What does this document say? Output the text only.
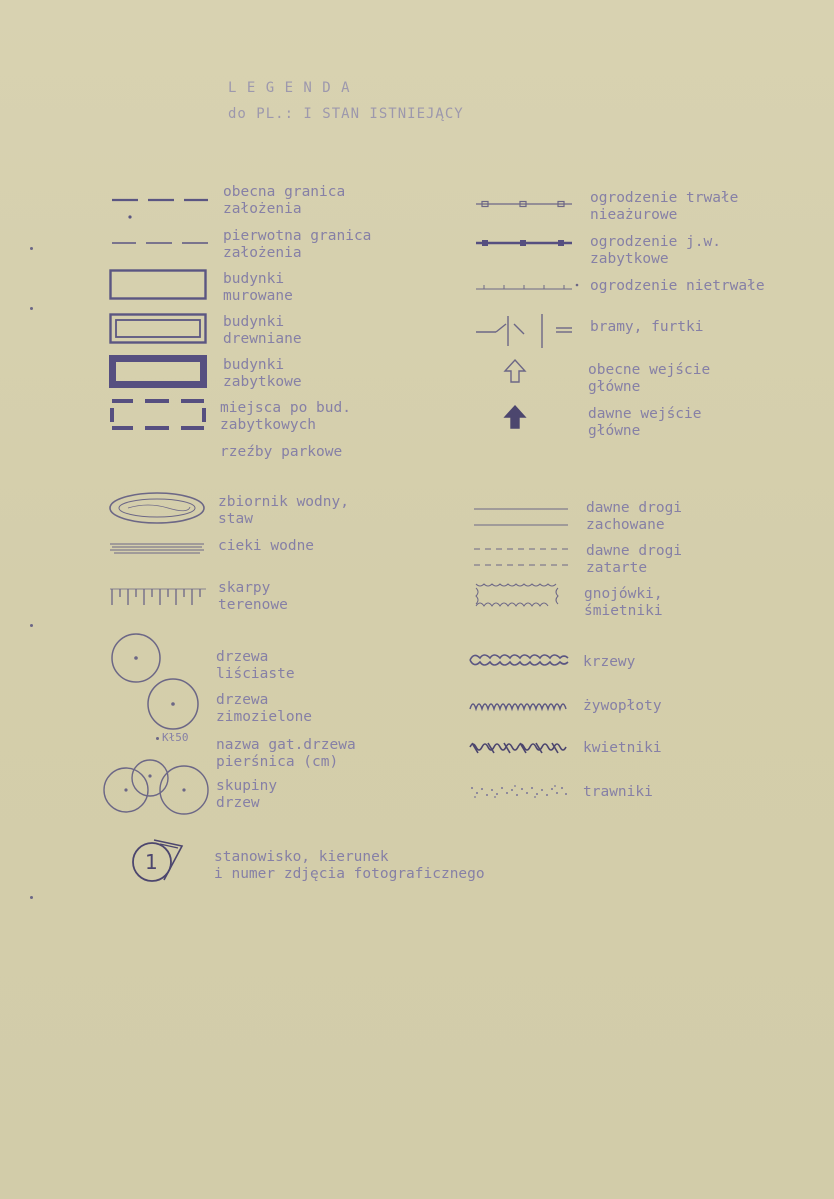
L E G E N D A
do PL.: I STAN ISTNIEJĄCY
Kł50
1
obecna granica
założenia
pierwotna granica
założenia
budynki
murowane
budynki
drewniane
budynki
zabytkowe
miejsca po bud.
zabytkowych
rzeźby parkowe
zbiornik wodny,
staw
cieki wodne
skarpy
terenowe
drzewa
liściaste
drzewa
zimozielone
nazwa gat.drzewa
pierśnica (cm)
skupiny
drzew
stanowisko, kierunek
i numer zdjęcia fotograficznego
ogrodzenie trwałe
nieażurowe
ogrodzenie j.w.
zabytkowe
ogrodzenie nietrwałe
bramy, furtki
obecne wejście
główne
dawne wejście
główne
dawne drogi
zachowane
dawne drogi
zatarte
gnojówki,
śmietniki
krzewy
żywopłoty
kwietniki
trawniki
